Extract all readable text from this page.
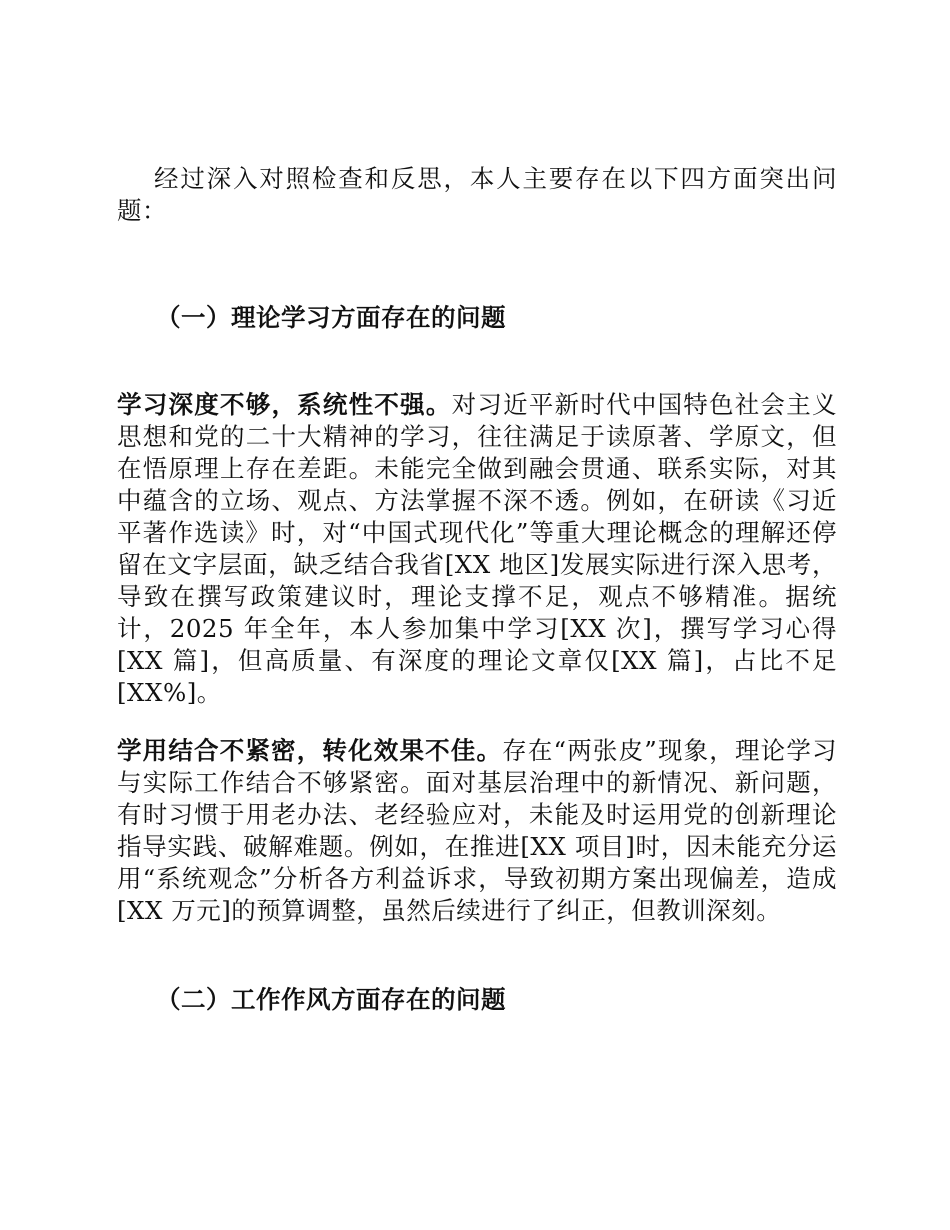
经过深入对照检查和反思，本人主要存在以下四方面突出问题：

（一）理论学习方面存在的问题

学习深度不够，系统性不强。对习近平新时代中国特色社会主义思想和党的二十大精神的学习，往往满足于读原著、学原文，但在悟原理上存在差距。未能完全做到融会贯通、联系实际，对其中蕴含的立场、观点、方法掌握不深不透。例如，在研读《习近平著作选读》时，对“中国式现代化”等重大理论概念的理解还停留在文字层面，缺乏结合我省[XX 地区]发展实际进行深入思考，导致在撰写政策建议时，理论支撑不足，观点不够精准。据统计，2025 年全年，本人参加集中学习[XX 次]，撰写学习心得[XX 篇]，但高质量、有深度的理论文章仅[XX 篇]，占比不足[XX%]。

学用结合不紧密，转化效果不佳。存在“两张皮”现象，理论学习与实际工作结合不够紧密。面对基层治理中的新情况、新问题，有时习惯于用老办法、老经验应对，未能及时运用党的创新理论指导实践、破解难题。例如，在推进[XX 项目]时，因未能充分运用“系统观念”分析各方利益诉求，导致初期方案出现偏差，造成[XX 万元]的预算调整，虽然后续进行了纠正，但教训深刻。

（二）工作作风方面存在的问题
